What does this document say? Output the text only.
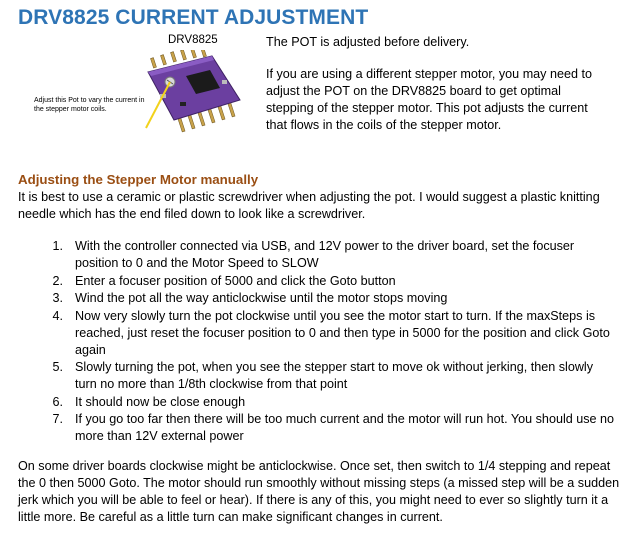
DRV8825 CURRENT ADJUSTMENT
DRV8825
Adjust this Pot to vary the current in the stepper motor coils.

The POT is adjusted before delivery.

If you are using a different stepper motor, you may need to adjust the POT on the DRV8825 board to get optimal stepping of the stepper motor. This pot adjusts the current that flows in the coils of the stepper motor.

Adjusting the Stepper Motor manually
It is best to use a ceramic or plastic screwdriver when adjusting the pot. I would suggest a plastic knitting needle which has the end filed down to look like a screwdriver.
1. With the controller connected via USB, and 12V power to the driver board, set the focuser position to 0 and the Motor Speed to SLOW
2. Enter a focuser position of 5000 and click the Goto button
3. Wind the pot all the way anticlockwise until the motor stops moving
4. Now very slowly turn the pot clockwise until you see the motor start to turn. If the maxSteps is reached, just reset the focuser position to 0 and then type in 5000 for the position and click Goto again
5. Slowly turning the pot, when you see the stepper start to move ok without jerking, then slowly turn no more than 1/8th clockwise from that point
6. It should now be close enough
7. If you go too far then there will be too much current and the motor will run hot. You should use no more than 12V external power
On some driver boards clockwise might be anticlockwise. Once set, then switch to 1/4 stepping and repeat the 0 then 5000 Goto. The motor should run smoothly without missing steps (a missed step will be a sudden jerk which you will be able to feel or hear). If there is any of this, you might need to ever so slightly turn it a little more. Be careful as a little turn can make significant changes in current.
